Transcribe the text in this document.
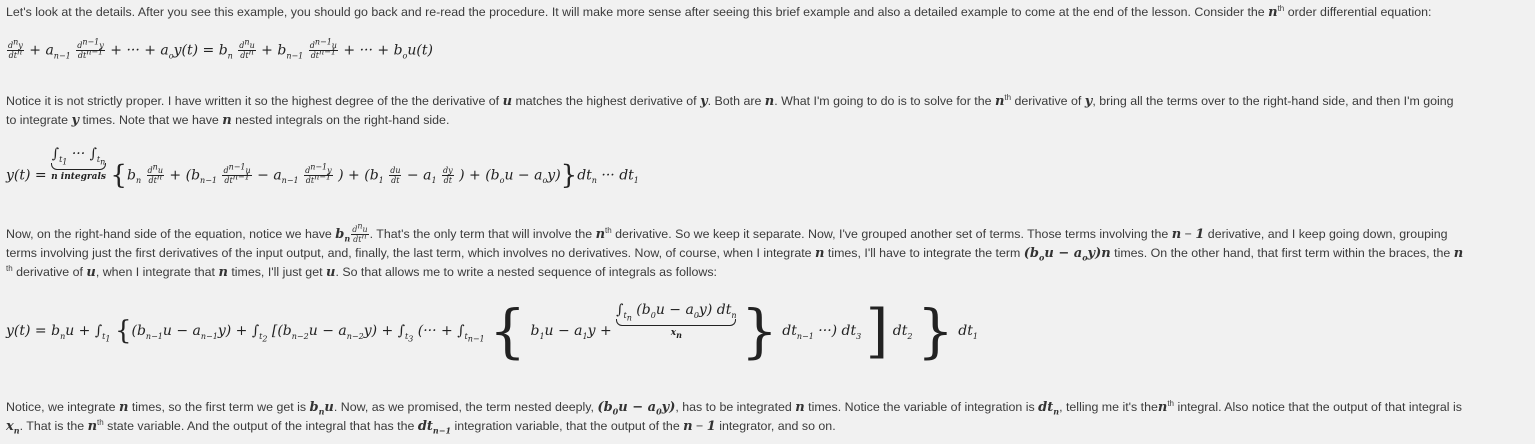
Let's look at the details. After you see this example, you should go back and re-read the procedure. It will make more sense after seeing this brief example and also a detailed example to come at the end of the lesson. Consider the $n^{th}$ order differential equation:
$\frac{d^ny}{dt^n} + a_{n-1} \frac{d^{n-1}y}{dt^{n-1}}$ + ··· + $a_oy(t) = b_n \frac{d^nu}{dt^n} + b_{n-1} \frac{d^{n-1}u}{dt^{n-1}}$ + ··· + $b_ou(t)$
Notice it is not strictly proper. I have written it so the highest degree of the the derivative of u matches the highest derivative of y. Both are n. What I'm going to do is to solve for the $n^{th}$ derivative of y, bring all the terms over to the right-hand side, and then I'm going
to integrate y times. Note that we have n nested integrals on the right-hand side.
$y(t) = \int_{t_1}$ ··· $\int_{t_n}$
n integrals {$b_n \frac{d^nu}{dt^n} + (b_{n-1} \frac{d^{n-1}u}{dt^{n-1}} - a_{n-1} \frac{d^{n-1}y}{dt^{n-1}}$ ) + ($b_1 \frac{du}{dt} - a_1 \frac{dy}{dt}$ ) + $(b_ou - a_oy)\}dt_n$ ··· $dt_1$
Now, on the right-hand side of the equation, notice we have $b_n \frac{d^nu}{dt^n}$ . That's the only term that will involve the $n^{th}$ derivative. So we keep it separate. Now, I've grouped another set of terms. Those terms involving the n − 1 derivative, and I keep going down, grouping
terms involving just the first derivatives of the input output, and, finally, the last term, which involves no derivatives. Now, of course, when I integrate n times, I'll have to integrate the term $(b_ou - a_oy)n$ times. On the other hand, that first term within the braces, the n
$^{th}$ derivative of u, when I integrate that n times, I'll just get u. So that allows me to write a nested sequence of integrals as follows:
$y(t) = b_nu + \int_{t_1}$ {$(b_{n-1}u - a_{n-1}y) + \int_{t_2}$ [$(b_{n-2}u - a_{n-2}y) + \int_{t_3}$ (··· + $\int_{t_{n-1}}$ { $b_1u - a_1y + \int_{t_n}$ $(b_0u - a_0y)$ $dt_n$
$x_n$	} $dt_{n-1}$ ···) $dt_3$ ] $dt_2$ } $dt_1$
Notice, we integrate n times, so the first term we get is $b_nu$. Now, as we promised, the term nested deeply, $(b_0u - a_0y)$, has to be integrated n times. Notice the variable of integration is $dt_n$, telling me it's then$^{th}$ integral. Also notice that the output of that integral is
$x_n$. That is the $n^{th}$ state variable. And the output of the integral that has the $dt_{n-1}$ integration variable, that the output of the n − 1 integrator, and so on.
